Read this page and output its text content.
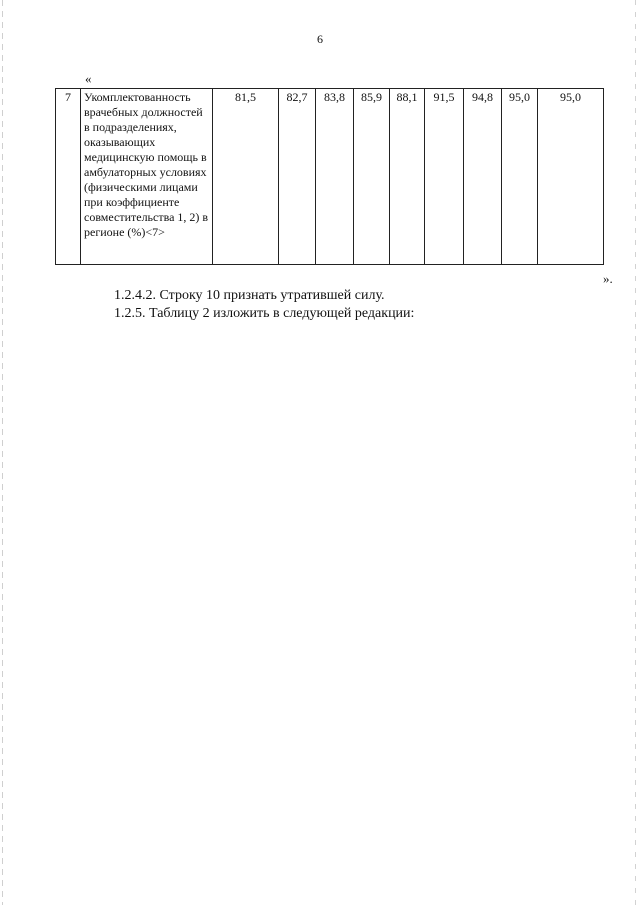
6
«
7	Укомплектованность врачебных должностей в подразделениях, оказывающих медицинскую помощь в амбулаторных условиях (физическими лицами при коэффициенте совместительства 1, 2) в регионе (%)<7>	81,5	82,7	83,8	85,9	88,1	91,5	94,8	95,0	95,0
».
1.2.4.2. Строку 10 признать утратившей силу.
1.2.5. Таблицу 2 изложить в следующей редакции:
